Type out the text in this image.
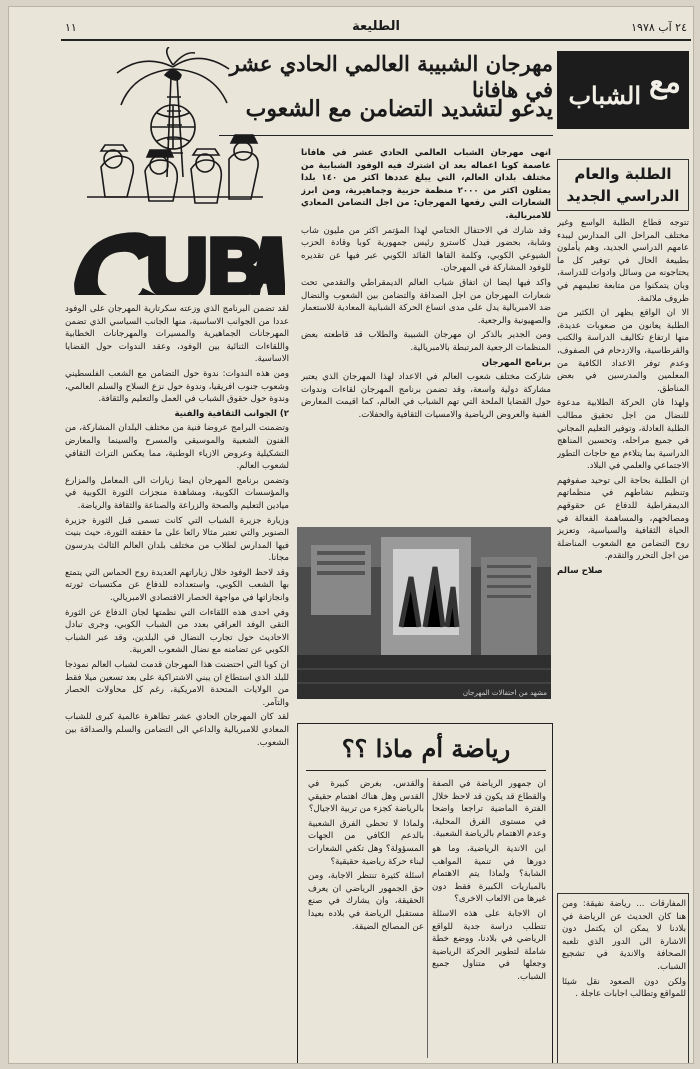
٢٤ آب ١٩٧٨
الطليعة
١١
مع
الشباب
مهرجان الشبيبة العالمي الحادي عشر في هافانا
يدعو لتشديد التضامن مع الشعوب

انهى مهرجان الشباب العالمي الحادي عشر في هافانا عاصمة كوبا اعماله بعد ان اشترك فيه الوفود الشبابية من مختلف بلدان العالم، التي يبلغ عددها اكثر من ١٤٠ بلدا يمثلون اكثر من ٢٠٠٠ منظمة حزبية وجماهيرية، ومن ابرز الشعارات التي رفعها المهرجان: من اجل التضامن المعادي للامبريالية.

وقد شارك في الاحتفال الختامي لهذا المؤتمر اكثر من مليون شاب وشابة، بحضور فيدل كاسترو رئيس جمهورية كوبا وقادة الحزب الشيوعي الكوبي، وكلمة القاها القائد الكوبي عبر فيها عن تقديره للوفود المشاركة في المهرجان.

واكد فيها ايضا ان اتفاق شباب العالم الديمقراطي والتقدمي تحت شعارات المهرجان من اجل الصداقة والتضامن بين الشعوب والنضال ضد الامبريالية يدل على مدى اتساع الحركة الشبابية المعادية للاستعمار والصهيونية والرجعية.

ومن الجدير بالذكر ان مهرجان الشبيبة والطلاب قد قاطعته بعض المنظمات الرجعية المرتبطة بالامبريالية.

برنامج المهرجان

شاركت مختلف شعوب العالم في الاعداد لهذا المهرجان الذي يعتبر مشاركة دولية واسعة، وقد تضمن برنامج المهرجان لقاءات وندوات حول القضايا الملحة التي تهم الشباب في العالم، كما اقيمت المعارض الفنية والعروض الرياضية والامسيات الثقافية والحفلات.

مشهد من احتفالات المهرجان

لقد تضمن البرنامج الذي وزعته سكرتارية المهرجان على الوفود عددا من الجوانب الاساسية، منها الجانب السياسي الذي تضمن المهرجانات الجماهيرية والمسيرات والمهرجانات الخطابية واللقاءات الثنائية بين الوفود، وعقد الندوات حول القضايا الاساسية.

ومن هذه الندوات: ندوة حول التضامن مع الشعب الفلسطيني وشعوب جنوب افريقيا، وندوة حول نزع السلاح والسلم العالمي، وندوة حول حقوق الشباب في العمل والتعليم والثقافة.

٢) الجوانب الثقافية والفنية

وتضمنت البرامج عروضا فنية من مختلف البلدان المشاركة، من الفنون الشعبية والموسيقى والمسرح والسينما والمعارض التشكيلية وعروض الازياء الوطنية، مما يعكس التراث الثقافي لشعوب العالم.

وتضمن برنامج المهرجان ايضا زيارات الى المعامل والمزارع والمؤسسات الكوبية، ومشاهدة منجزات الثورة الكوبية في ميادين التعليم والصحة والزراعة والصناعة والثقافة والرياضة.

وزيارة جزيرة الشباب التي كانت تسمى قبل الثورة جزيرة الصنوبر والتي تعتبر مثالا رائعا على ما حققته الثورة، حيث بنيت فيها المدارس لطلاب من مختلف بلدان العالم الثالث يدرسون مجانا.

وقد لاحظ الوفود خلال زياراتهم العديدة روح الحماس التي يتمتع بها الشعب الكوبي، واستعداده للدفاع عن مكتسبات ثورته وانجازاتها في مواجهة الحصار الاقتصادي الامبريالي.

وفي احدى هذه اللقاءات التي نظمتها لجان الدفاع عن الثورة التقى الوفد العراقي بعدد من الشباب الكوبي، وجرى تبادل الاحاديث حول تجارب النضال في البلدين، وقد عبر الشباب الكوبي عن تضامنه مع نضال الشعوب العربية.

ان كوبا التي احتضنت هذا المهرجان قدمت لشباب العالم نموذجا للبلد الذي استطاع ان يبني الاشتراكية على بعد تسعين ميلا فقط من الولايات المتحدة الامريكية، رغم كل محاولات الحصار والتآمر.

لقد كان المهرجان الحادي عشر تظاهرة عالمية كبرى للشباب المعادي للامبريالية والداعي الى التضامن والسلم والصداقة بين الشعوب.

الطلبة والعام الدراسي الجديد

تتوجه قطاع الطلبة الواسع وغير مختلف المراحل الى المدارس ليبدء عامهم الدراسي الجديد، وهم يأملون بطبيعة الحال في توفير كل ما يحتاجونه من وسائل وادوات للدراسة، وبان يتمكنوا من متابعة تعليمهم في ظروف ملائمة.

الا ان الواقع يظهر ان الكثير من الطلبة يعانون من صعوبات عديدة، منها ارتفاع تكاليف الدراسة والكتب والقرطاسية، والازدحام في الصفوف، وعدم توفر الاعداد الكافية من المعلمين والمدرسين في بعض المناطق.

ولهذا فان الحركة الطلابية مدعوة للنضال من اجل تحقيق مطالب الطلبة العادلة، وتوفير التعليم المجاني في جميع مراحله، وتحسين المناهج الدراسية بما يتلاءم مع حاجات التطور الاجتماعي والعلمي في البلاد.

ان الطلبة بحاجة الى توحيد صفوفهم وتنظيم نشاطهم في منظماتهم الديمقراطية للدفاع عن حقوقهم ومصالحهم، والمساهمة الفعالة في الحياة الثقافية والسياسية، وتعزيز روح التضامن مع الشعوب المناضلة من اجل التحرر والتقدم.

صلاح سالم

المفارقات ... رياضة نفيقة: ومن هنا كان الحديث عن الرياضة في بلادنا لا يمكن ان يكتمل دون الاشارة الى الدور الذي تلعبه الصحافة والاندية في تشجيع الشباب.

ولكن دون الصعود نقل شيئا للمواقع وتطالب اجابات عاجلة .

رياضة أم ماذا ؟؟

ان جمهور الرياضة في الصفة والقطاع قد يكون قد لاحظ خلال الفترة الماضية تراجعا واضحا في مستوى الفرق المحلية، وعدم الاهتمام بالرياضة الشعبية.

اين الاندية الرياضية، وما هو دورها في تنمية المواهب الشابة؟ ولماذا يتم الاهتمام بالمباريات الكبيرة فقط دون غيرها من الالعاب الاخرى؟

ان الاجابة على هذه الاسئلة تتطلب دراسة جدية للواقع الرياضي في بلادنا، ووضع خطة شاملة لتطوير الحركة الرياضية وجعلها في متناول جميع الشباب.

والقدس، بغرض كبيرة في القدس وهل هناك اهتمام حقيقي بالرياضة كجزء من تربية الاجيال؟

ولماذا لا تحظى الفرق الشعبية بالدعم الكافي من الجهات المسؤولة؟ وهل تكفي الشعارات لبناء حركة رياضية حقيقية؟

اسئلة كثيرة تنتظر الاجابة، ومن حق الجمهور الرياضي ان يعرف الحقيقة، وان يشارك في صنع مستقبل الرياضة في بلاده بعيدا عن المصالح الضيقة.
